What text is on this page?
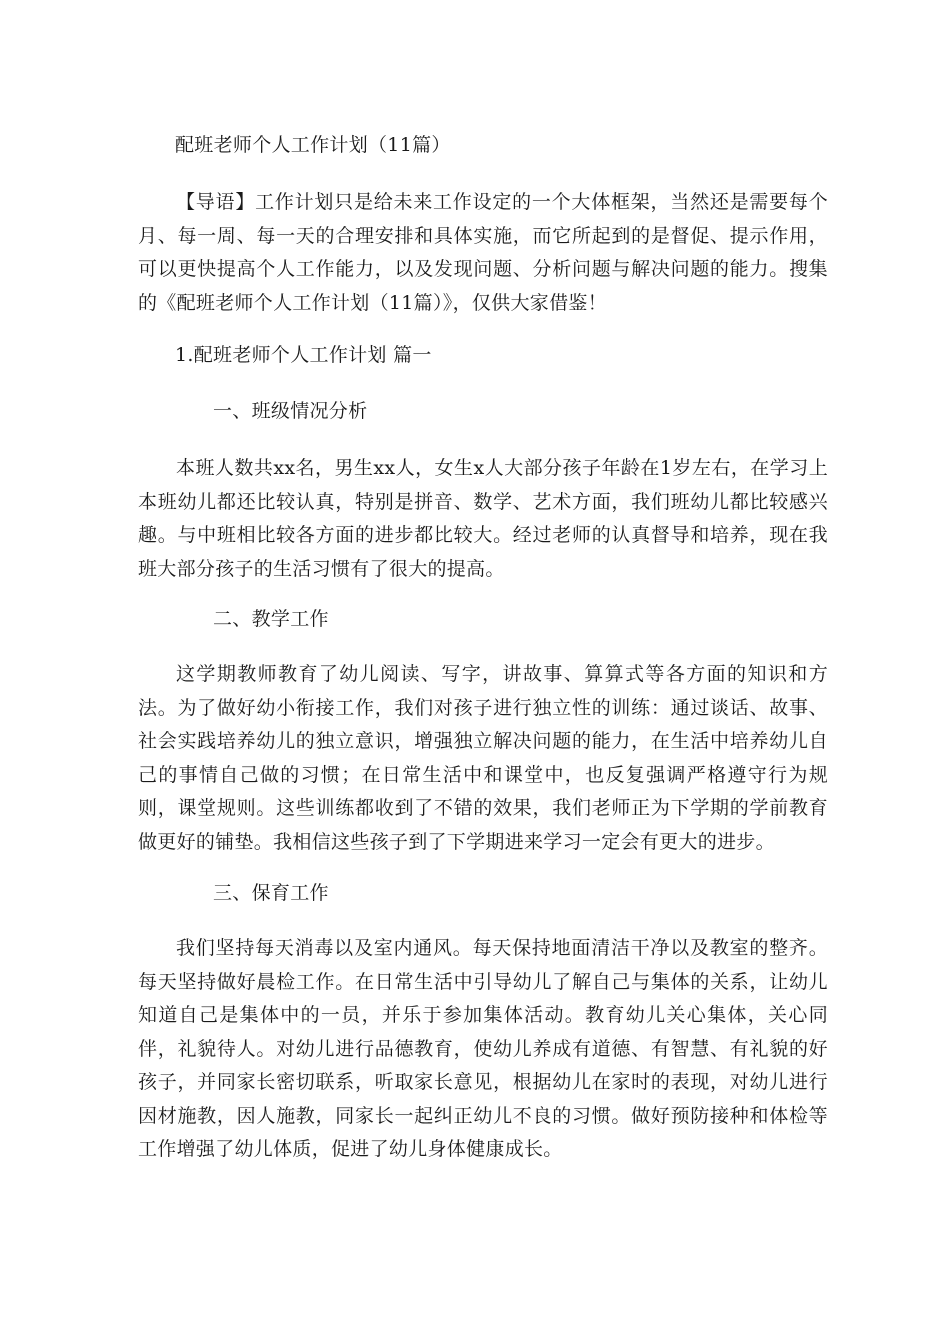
配班老师个人工作计划（11篇）
【导语】工作计划只是给未来工作设定的一个大体框架，当然还是需要每个月、每一周、每一天的合理安排和具体实施，而它所起到的是督促、提示作用，可以更快提高个人工作能力，以及发现问题、分析问题与解决问题的能力。搜集的《配班老师个人工作计划（11篇）》，仅供大家借鉴！
1.配班老师个人工作计划 篇一
一、班级情况分析
本班人数共xx名，男生xx人，女生x人大部分孩子年龄在1岁左右，在学习上本班幼儿都还比较认真，特别是拼音、数学、艺术方面，我们班幼儿都比较感兴趣。与中班相比较各方面的进步都比较大。经过老师的认真督导和培养，现在我班大部分孩子的生活习惯有了很大的提高。
二、教学工作
这学期教师教育了幼儿阅读、写字，讲故事、算算式等各方面的知识和方法。为了做好幼小衔接工作，我们对孩子进行独立性的训练：通过谈话、故事、社会实践培养幼儿的独立意识，增强独立解决问题的能力，在生活中培养幼儿自己的事情自己做的习惯；在日常生活中和课堂中，也反复强调严格遵守行为规则，课堂规则。这些训练都收到了不错的效果，我们老师正为下学期的学前教育做更好的铺垫。我相信这些孩子到了下学期进来学习一定会有更大的进步。
三、保育工作
我们坚持每天消毒以及室内通风。每天保持地面清洁干净以及教室的整齐。每天坚持做好晨检工作。在日常生活中引导幼儿了解自己与集体的关系，让幼儿知道自己是集体中的一员，并乐于参加集体活动。教育幼儿关心集体，关心同伴，礼貌待人。对幼儿进行品德教育，使幼儿养成有道德、有智慧、有礼貌的好孩子，并同家长密切联系，听取家长意见，根据幼儿在家时的表现，对幼儿进行因材施教，因人施教，同家长一起纠正幼儿不良的习惯。做好预防接种和体检等工作增强了幼儿体质，促进了幼儿身体健康成长。
